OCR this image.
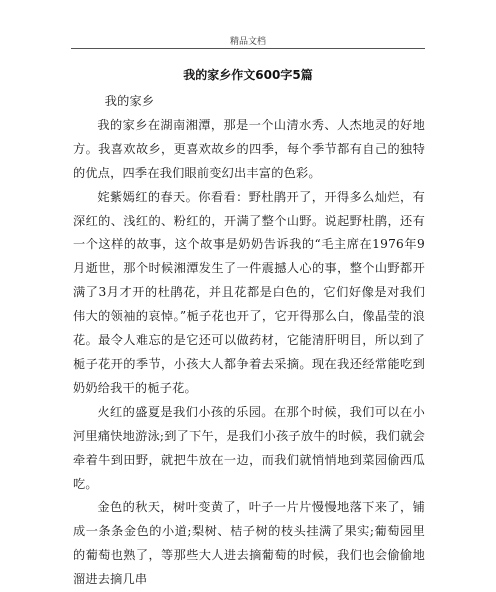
精品文档
我的家乡作文600字5篇

我的家乡

我的家乡在湖南湘潭，那是一个山清水秀、人杰地灵的好地方。我喜欢故乡，更喜欢故乡的四季，每个季节都有自己的独特的优点，四季在我们眼前变幻出丰富的色彩。

姹紫嫣红的春天。你看看：野杜鹃开了，开得多么灿烂，有深红的、浅红的、粉红的，开满了整个山野。说起野杜鹃，还有一个这样的故事，这个故事是奶奶告诉我的“毛主席在1976年9月逝世，那个时候湘潭发生了一件震撼人心的事，整个山野都开满了3月才开的杜鹃花，并且花都是白色的，它们好像是对我们伟大的领袖的哀悼。”栀子花也开了，它开得那么白，像晶莹的浪花。最令人难忘的是它还可以做药材，它能清肝明目，所以到了栀子花开的季节，小孩大人都争着去采摘。现在我还经常能吃到奶奶给我干的栀子花。

火红的盛夏是我们小孩的乐园。在那个时候，我们可以在小河里痛快地游泳;到了下午，是我们小孩子放牛的时候，我们就会牵着牛到田野，就把牛放在一边，而我们就悄悄地到菜园偷西瓜吃。

金色的秋天，树叶变黄了，叶子一片片慢慢地落下来了，铺成一条条金色的小道;梨树、桔子树的枝头挂满了果实;葡萄园里的葡萄也熟了，等那些大人进去摘葡萄的时候，我们也会偷偷地溜进去摘几串
